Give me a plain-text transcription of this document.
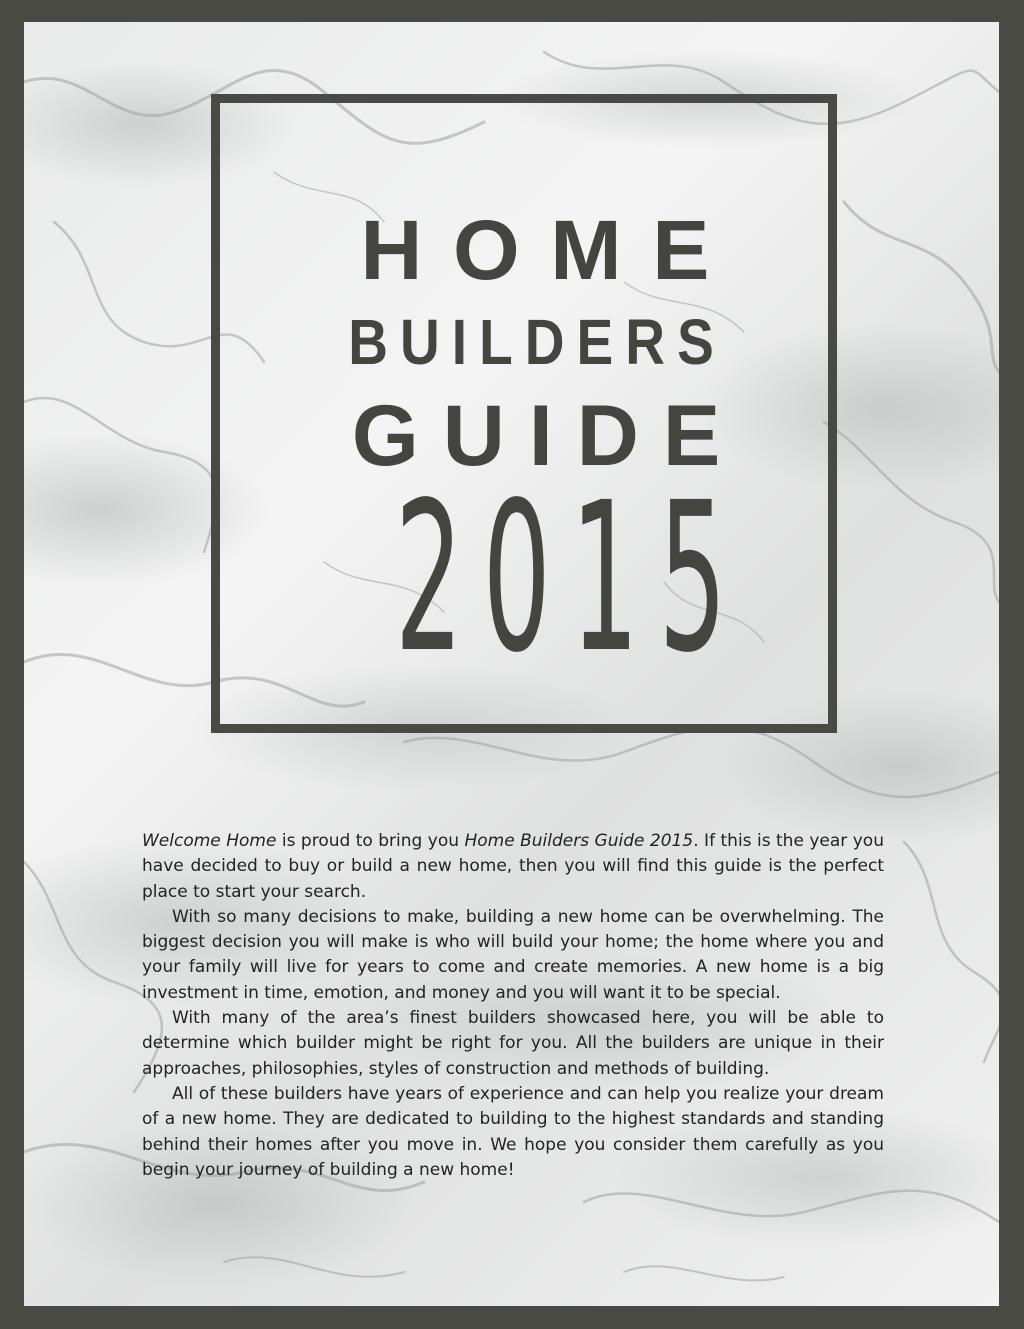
HOME
BUILDERS
GUIDE
2015

Welcome Home is proud to bring you Home Builders Guide 2015. If this is the year you have decided to buy or build a new home, then you will find this guide is the perfect place to start your search.

With so many decisions to make, building a new home can be overwhelming. The biggest decision you will make is who will build your home; the home where you and your family will live for years to come and create memories. A new home is a big investment in time, emotion, and money and you will want it to be special.

With many of the area’s finest builders showcased here, you will be able to determine which builder might be right for you. All the builders are unique in their approaches, philosophies, styles of construction and methods of building.

All of these builders have years of experience and can help you realize your dream of a new home. They are dedicated to building to the highest standards and standing behind their homes after you move in. We hope you consider them carefully as you begin your journey of building a new home!
